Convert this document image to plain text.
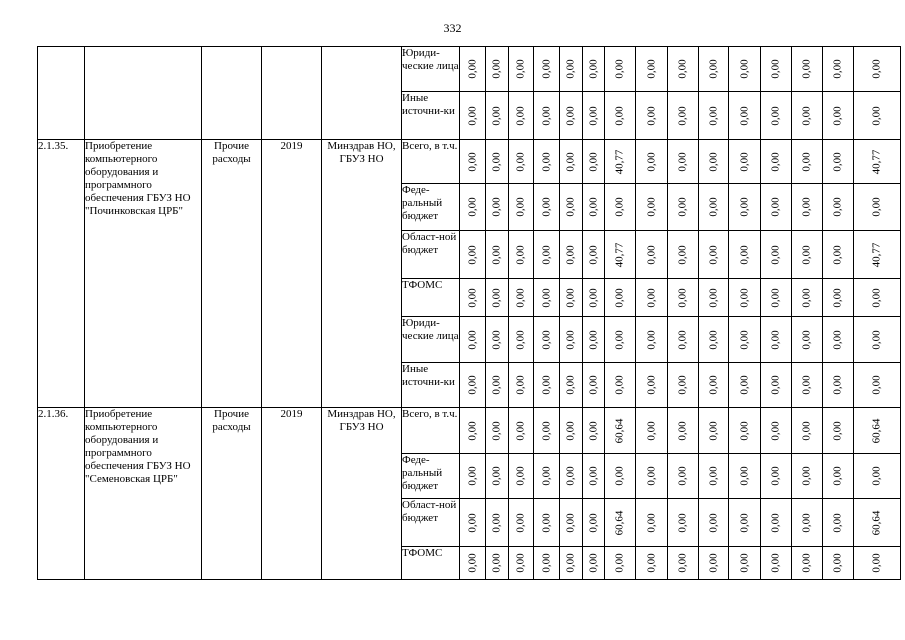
332
					Юриди-ческие лица	0,00	0,00	0,00	0,00	0,00	0,00	0,00	0,00	0,00	0,00	0,00	0,00	0,00	0,00	0,00

					Иные источни-ки	0,00	0,00	0,00	0,00	0,00	0,00	0,00	0,00	0,00	0,00	0,00	0,00	0,00	0,00	0,00

2.1.35.	Приобретение компьютерного оборудования и программного обеспечения ГБУЗ НО "Починковская ЦРБ"	Прочие расходы	2019	Минздрав НО, ГБУЗ НО	Всего, в т.ч.	0,00	0,00	0,00	0,00	0,00	0,00	40,77	0,00	0,00	0,00	0,00	0,00	0,00	0,00	40,77

					Феде-ральный бюджет	0,00	0,00	0,00	0,00	0,00	0,00	0,00	0,00	0,00	0,00	0,00	0,00	0,00	0,00	0,00

					Област-ной бюджет	0,00	0,00	0,00	0,00	0,00	0,00	40,77	0,00	0,00	0,00	0,00	0,00	0,00	0,00	40,77

					ТФОМС	0,00	0,00	0,00	0,00	0,00	0,00	0,00	0,00	0,00	0,00	0,00	0,00	0,00	0,00	0,00

					Юриди-ческие лица	0,00	0,00	0,00	0,00	0,00	0,00	0,00	0,00	0,00	0,00	0,00	0,00	0,00	0,00	0,00

					Иные источни-ки	0,00	0,00	0,00	0,00	0,00	0,00	0,00	0,00	0,00	0,00	0,00	0,00	0,00	0,00	0,00

2.1.36.	Приобретение компьютерного оборудования и программного обеспечения ГБУЗ НО "Семеновская ЦРБ"	Прочие расходы	2019	Минздрав НО, ГБУЗ НО	Всего, в т.ч.	0,00	0,00	0,00	0,00	0,00	0,00	60,64	0,00	0,00	0,00	0,00	0,00	0,00	0,00	60,64

					Феде-ральный бюджет	0,00	0,00	0,00	0,00	0,00	0,00	0,00	0,00	0,00	0,00	0,00	0,00	0,00	0,00	0,00

					Област-ной бюджет	0,00	0,00	0,00	0,00	0,00	0,00	60,64	0,00	0,00	0,00	0,00	0,00	0,00	0,00	60,64

					ТФОМС	0,00	0,00	0,00	0,00	0,00	0,00	0,00	0,00	0,00	0,00	0,00	0,00	0,00	0,00	0,00
